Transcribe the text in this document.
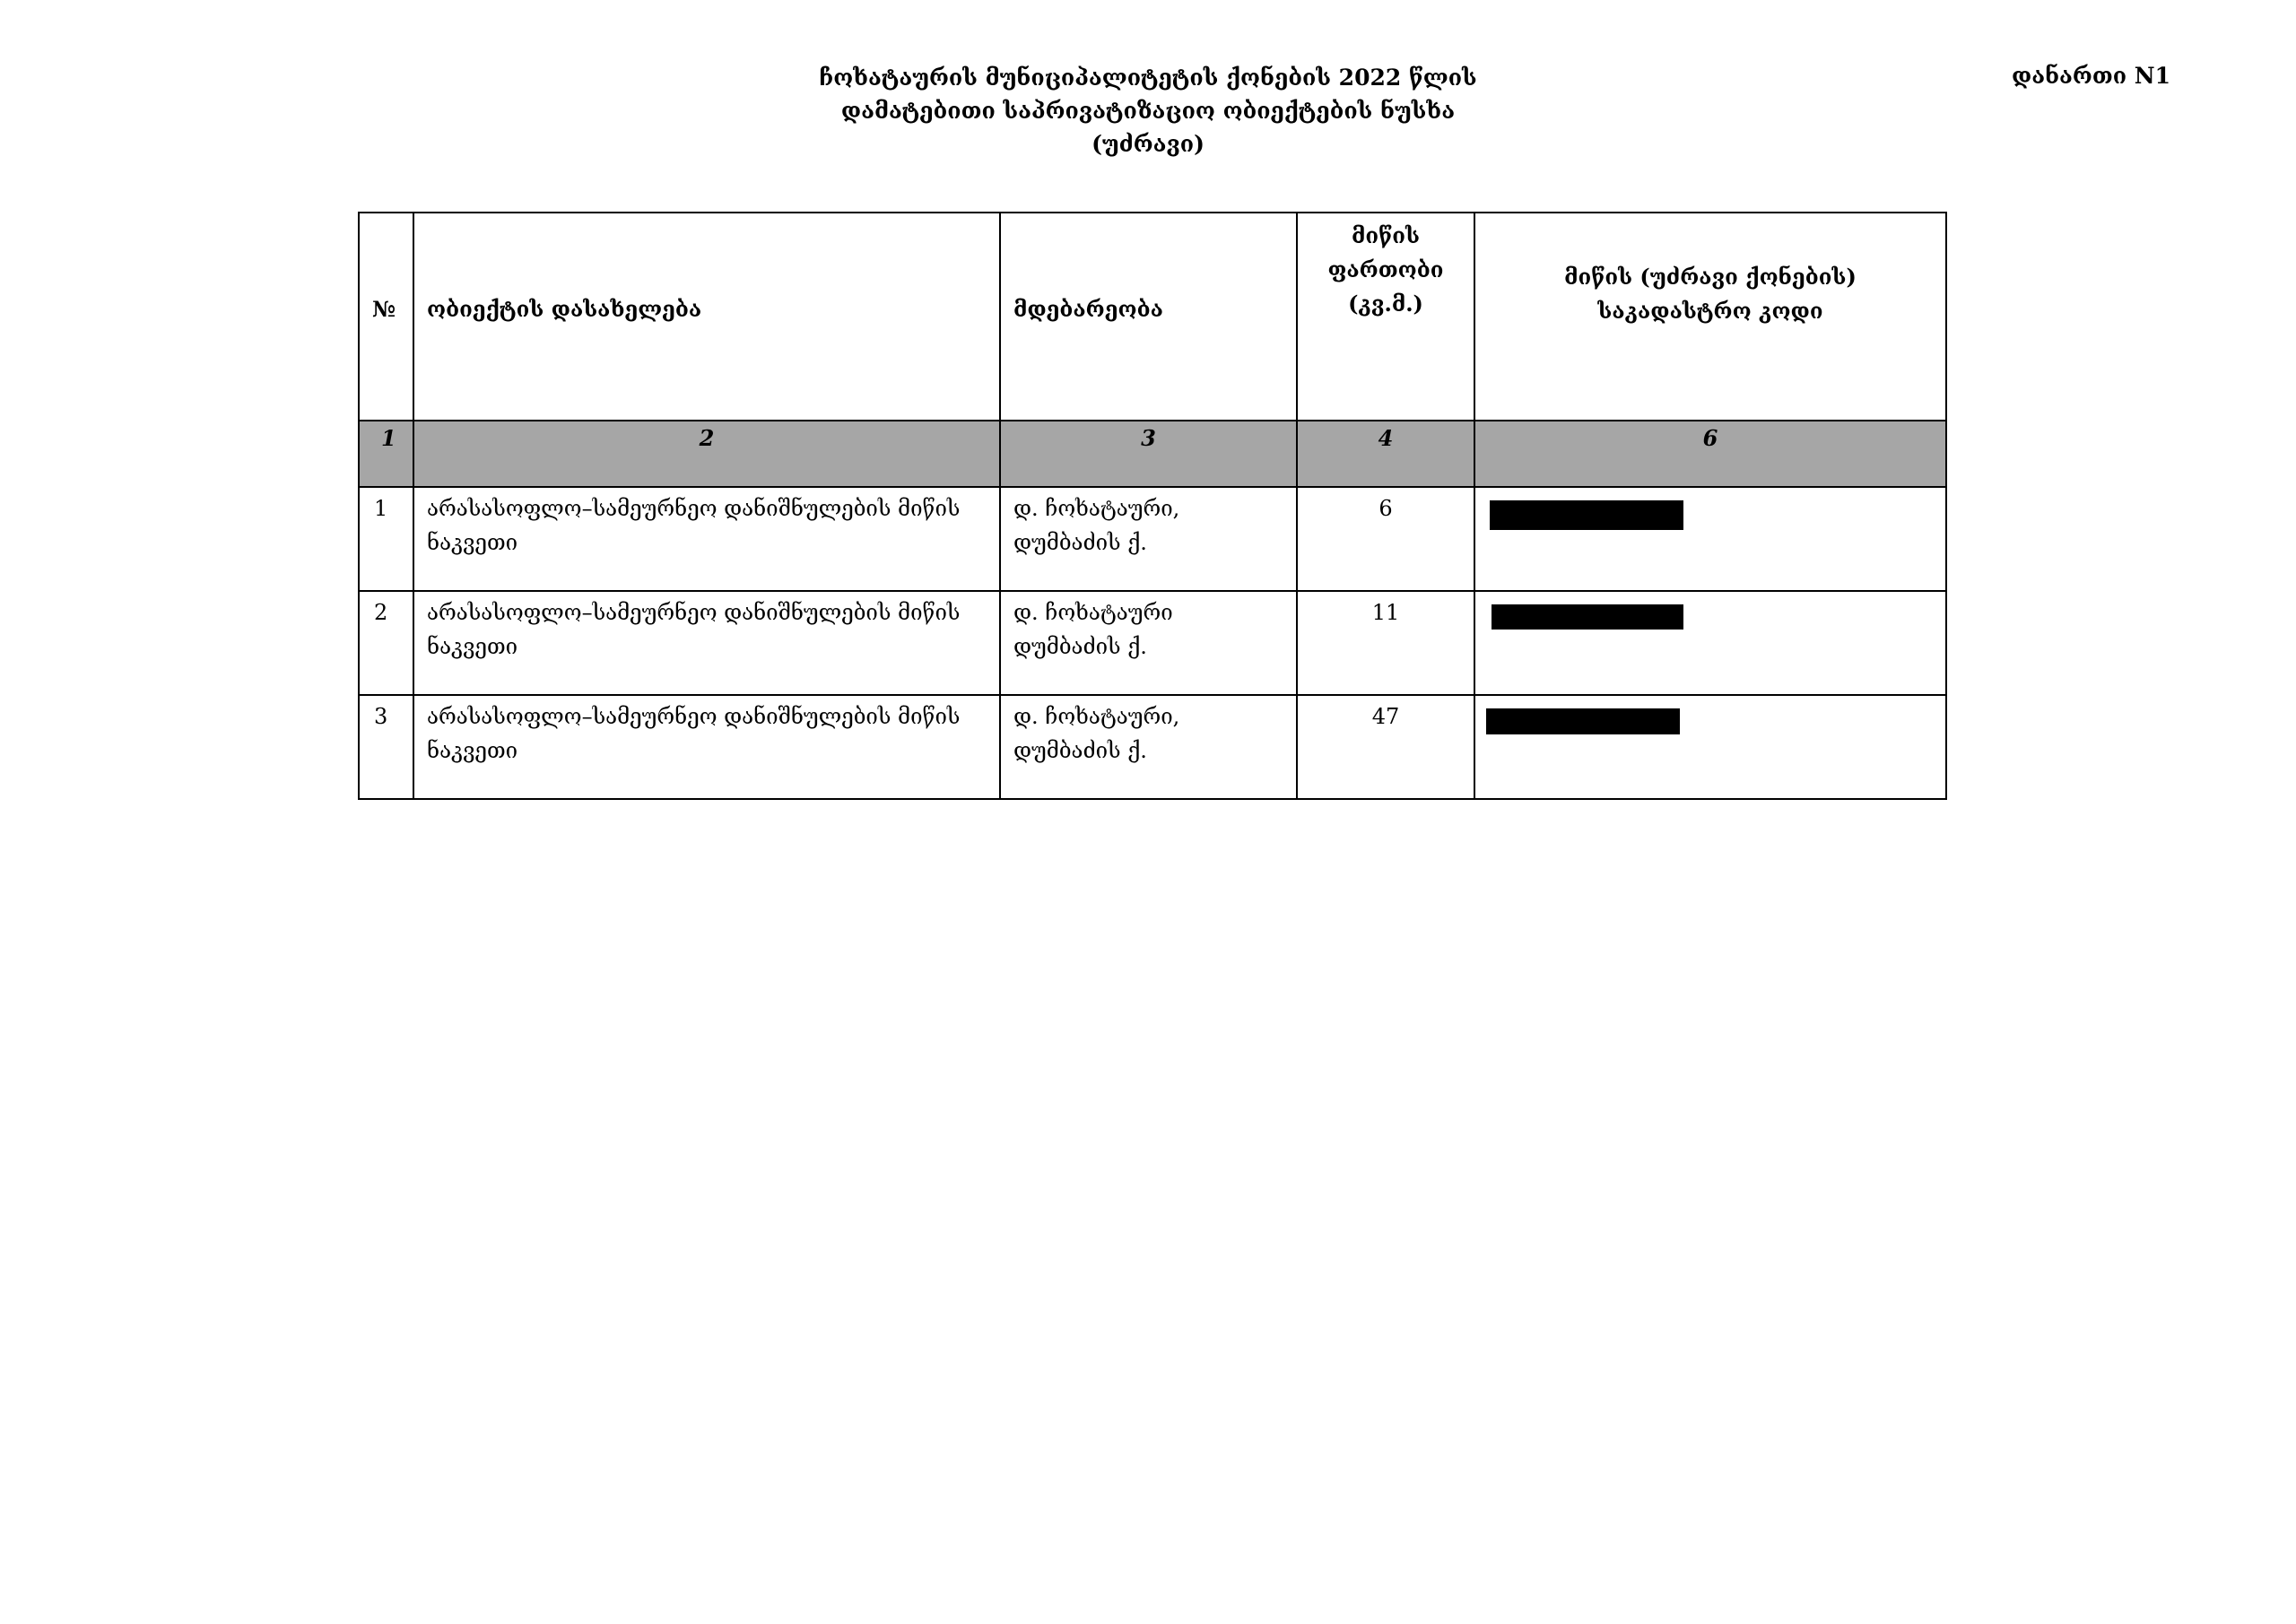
დანართი N1
ჩოხატაურის მუნიციპალიტეტის ქონების 2022 წლის
დამატებითი საპრივატიზაციო ობიექტების ნუსხა
(უძრავი)
№	ობიექტის დასახელება	მდებარეობა	მიწის ფართობი (კვ.მ.)	მიწის (უძრავი ქონების) საკადასტრო კოდი
1	2	3	4	6
1	არასასოფლო–სამეურნეო დანიშნულების მიწის ნაკვეთი	დ. ჩოხატაური, დუმბაძის ქ.	6	

2	არასასოფლო–სამეურნეო დანიშნულების მიწის ნაკვეთი	დ. ჩოხატაური დუმბაძის ქ.	11	

3	არასასოფლო–სამეურნეო დანიშნულების მიწის ნაკვეთი	დ. ჩოხატაური, დუმბაძის ქ.	47	
